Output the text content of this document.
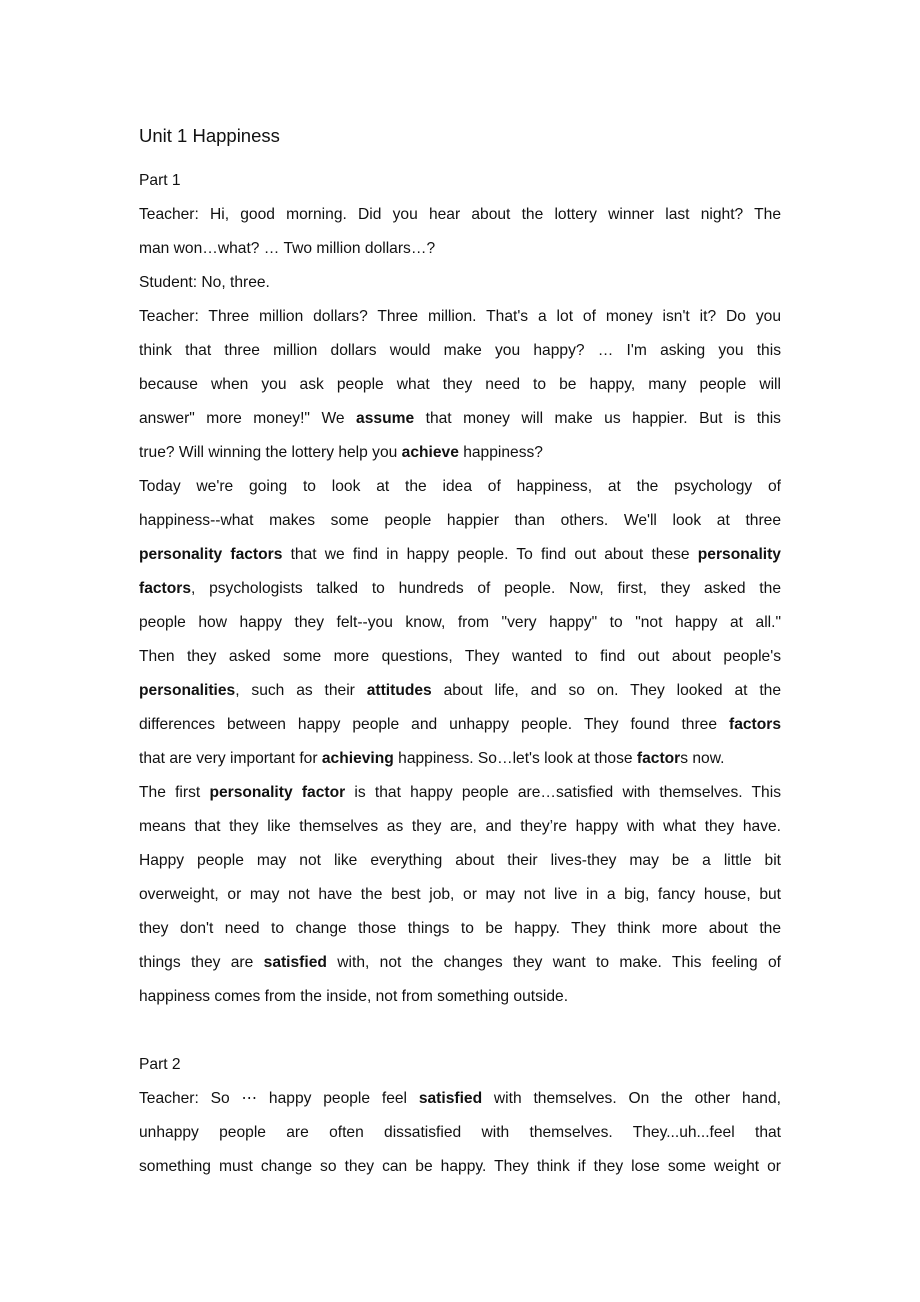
Unit 1 Happiness
Part 1
Teacher: Hi, good morning. Did you hear about the lottery winner last night? The
man won…what? … Two million dollars…?
Student: No, three.
Teacher: Three million dollars? Three million. That's a lot of money isn't it? Do you
think that three million dollars would make you happy? … I'm asking you this
because when you ask people what they need to be happy, many people will
answer" more money!" We assume that money will make us happier. But is this
true? Will winning the lottery help you achieve happiness?
Today we're going to look at the idea of happiness, at the psychology of
happiness--what makes some people happier than others. We'll look at three
personality factors that we find in happy people. To find out about these personality
factors, psychologists talked to hundreds of people. Now, first, they asked the
people how happy they felt--you know, from "very happy" to "not happy at all."
Then they asked some more questions, They wanted to find out about people's
personalities, such as their attitudes about life, and so on. They looked at the
differences between happy people and unhappy people. They found three factors
that are very important for achieving happiness. So…let's look at those factors now.
The first personality factor is that happy people are…satisfied with themselves. This
means that they like themselves as they are, and they’re happy with what they have.
Happy people may not like everything about their lives-they may be a little bit
overweight, or may not have the best job, or may not live in a big, fancy house, but
they don't need to change those things to be happy. They think more about the
things they are satisfied with, not the changes they want to make. This feeling of
happiness comes from the inside, not from something outside.
Part 2
Teacher: So ⋯ happy people feel satisfied with themselves. On the other hand,
unhappy people are often dissatisfied with themselves. They...uh...feel that
something must change so they can be happy. They think if they lose some weight or
